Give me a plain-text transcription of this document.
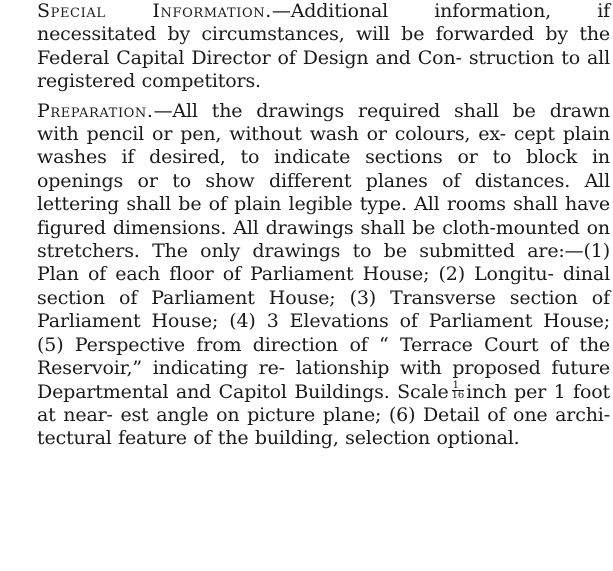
Special Information.—Additional information, if necessitated by circumstances, will be forwarded by the Federal Capital Director of Design and Con- struction to all registered competitors.

Preparation.—All the drawings required shall be drawn with pencil or pen, without wash or colours, ex- cept plain washes if desired, to indicate sections or to block in openings or to show different planes of distances. All lettering shall be of plain legible type. All rooms shall have figured dimensions. All drawings shall be cloth-mounted on stretchers. The only drawings to be submitted are:—(1) Plan of each floor of Parliament House; (2) Longitu- dinal section of Parliament House; (3) Transverse section of Parliament House; (4) 3 Elevations of Parliament House; (5) Perspective from direction of “ Terrace Court of the Reservoir,” indicating re- lationship with proposed future Departmental and Capitol Buildings. Scale $\frac{1}{16}$ inch per 1 foot at near- est angle on picture plane; (6) Detail of one archi- tectural feature of the building, selection optional.
